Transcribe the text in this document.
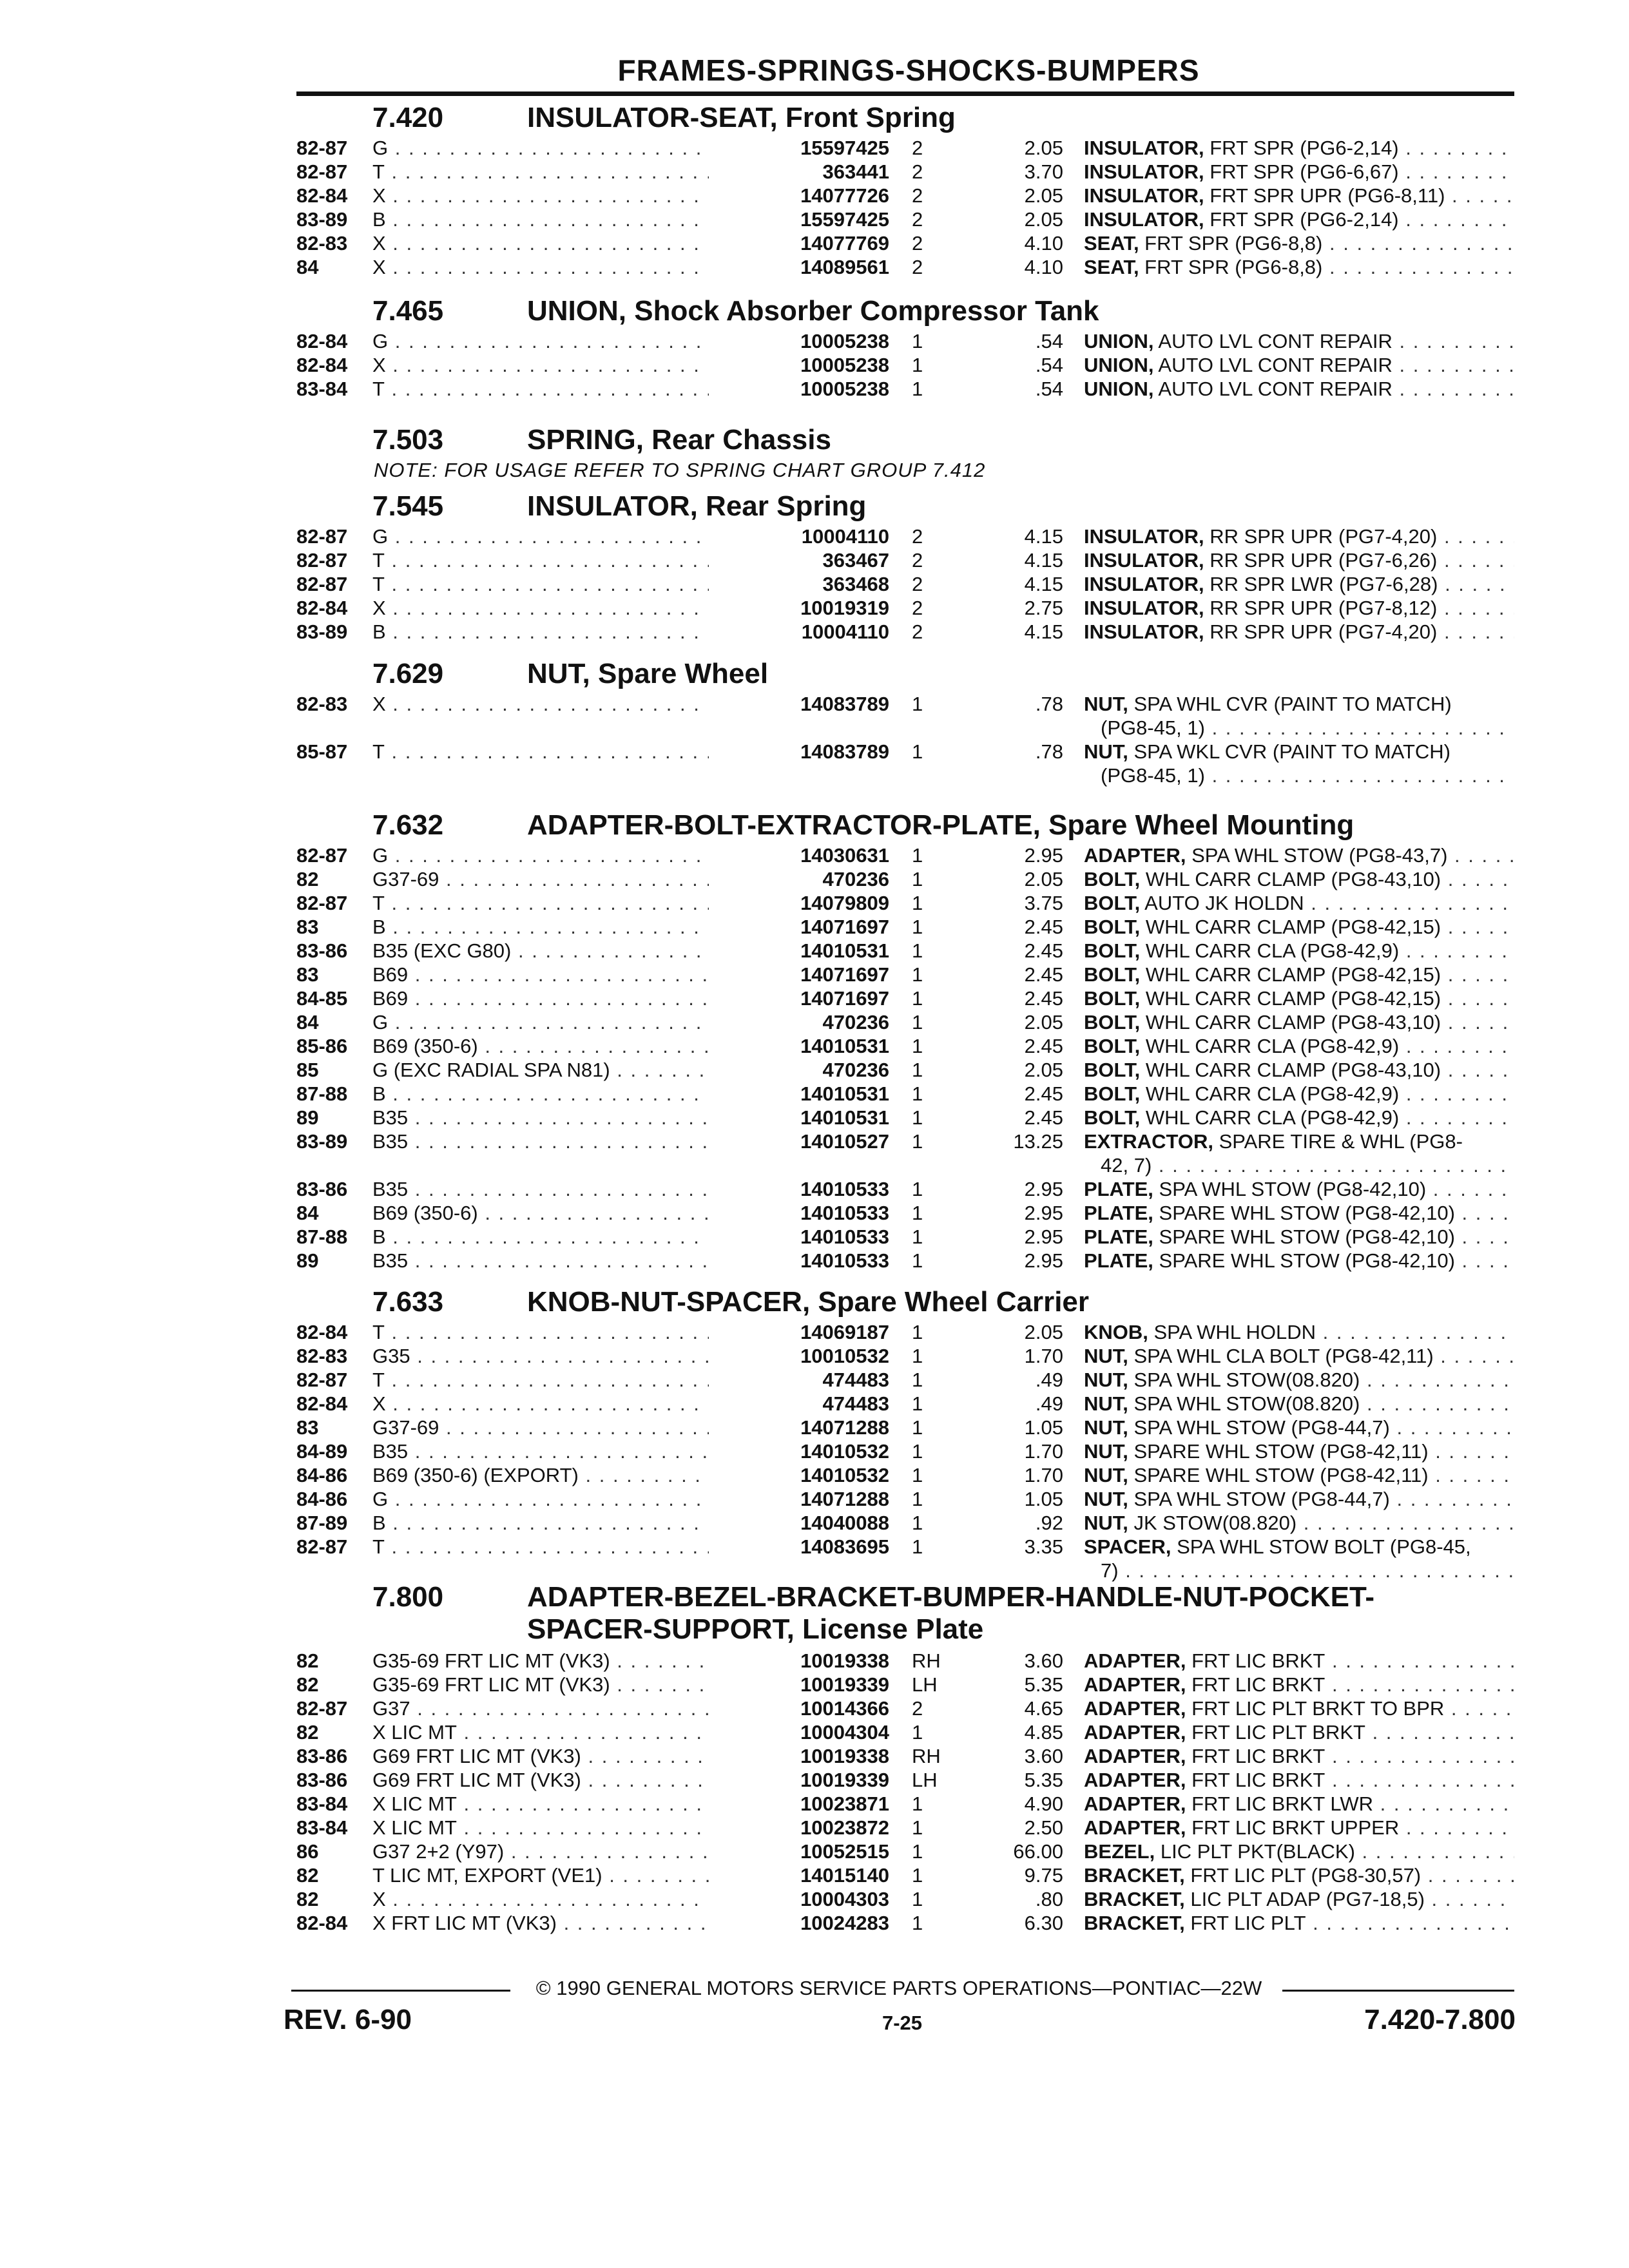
FRAMES-SPRINGS-SHOCKS-BUMPERS
7.420	INSULATOR-SEAT, Front Spring
82-87 G . . .	15597425 2	2.05 INSULATOR, FRT SPR (PG6-2,14) . . .
82-87 T . . .	363441 2	3.70 INSULATOR, FRT SPR (PG6-6,67) . . .
82-84 X . . .	14077726 2	2.05 INSULATOR, FRT SPR UPR (PG6-8,11) . . .
83-89 B . . .	15597425 2	2.05 INSULATOR, FRT SPR (PG6-2,14) . . .
82-83 X . . .	14077769 2	4.10 SEAT, FRT SPR (PG6-8,8) . . .
84	X . . .	14089561 2	4.10 SEAT, FRT SPR (PG6-8,8) . . .
7.465	UNION, Shock Absorber Compressor Tank
82-84 G . . .	10005238 1	.54 UNION, AUTO LVL CONT REPAIR . . .
82-84 X . . .	10005238 1	.54 UNION, AUTO LVL CONT REPAIR . . .
83-84 T . . .	10005238 1	.54 UNION, AUTO LVL CONT REPAIR . . .
7.503	SPRING, Rear Chassis
NOTE: FOR USAGE REFER TO SPRING CHART GROUP 7.412
7.545	INSULATOR, Rear Spring
82-87 G . . .	10004110 2	4.15 INSULATOR, RR SPR UPR (PG7-4,20) . . .
82-87 T . . .	363467 2	4.15 INSULATOR, RR SPR UPR (PG7-6,26) . . .
82-87 T . . .	363468 2	4.15 INSULATOR, RR SPR LWR (PG7-6,28) . . .
82-84 X . . .	10019319 2	2.75 INSULATOR, RR SPR UPR (PG7-8,12) . . .
83-89 B . . .	10004110 2	4.15 INSULATOR, RR SPR UPR (PG7-4,20) . . .
7.629	NUT, Spare Wheel
82-83 X . . .	14083789 1	.78 NUT, SPA WHL CVR (PAINT TO MATCH)
(PG8-45, 1) . . .
85-87 T . . .	14083789 1	.78 NUT, SPA WKL CVR (PAINT TO MATCH)
(PG8-45, 1) . . .
7.632	ADAPTER-BOLT-EXTRACTOR-PLATE, Spare Wheel Mounting
82-87 G . . .	14030631 1	2.95 ADAPTER, SPA WHL STOW (PG8-43,7) . . .
82	G37-69 . . .	470236 1	2.05 BOLT, WHL CARR CLAMP (PG8-43,10) . . .
82-87 T . . .	14079809 1	3.75 BOLT, AUTO JK HOLDN . . .
83	B . . .	14071697 1	2.45 BOLT, WHL CARR CLAMP (PG8-42,15) . . .
83-86 B35 (EXC G80) . . .	14010531 1	2.45 BOLT, WHL CARR CLA (PG8-42,9) . . .
83	B69 . . .	14071697 1	2.45 BOLT, WHL CARR CLAMP (PG8-42,15) . . .
84-85 B69 . . .	14071697 1	2.45 BOLT, WHL CARR CLAMP (PG8-42,15) . . .
84	G . . .	470236 1	2.05 BOLT, WHL CARR CLAMP (PG8-43,10) . . .
85-86 B69 (350-6) . . .	14010531 1	2.45 BOLT, WHL CARR CLA (PG8-42,9) . . .
85	G (EXC RADIAL SPA N81) . . .	470236 1	2.05 BOLT, WHL CARR CLAMP (PG8-43,10) . . .
87-88 B . . .	14010531 1	2.45 BOLT, WHL CARR CLA (PG8-42,9) . . .
89	B35 . . .	14010531 1	2.45 BOLT, WHL CARR CLA (PG8-42,9) . . .
83-89 B35 . . .	14010527 1	13.25 EXTRACTOR, SPARE TIRE & WHL (PG8-
42, 7) . . .
83-86 B35 . . .	14010533 1	2.95 PLATE, SPA WHL STOW (PG8-42,10) . . .
84	B69 (350-6) . . .	14010533 1	2.95 PLATE, SPARE WHL STOW (PG8-42,10) . . .
87-88 B . . .	14010533 1	2.95 PLATE, SPARE WHL STOW (PG8-42,10) . . .
89	B35 . . .	14010533 1	2.95 PLATE, SPARE WHL STOW (PG8-42,10) . . .
7.633	KNOB-NUT-SPACER, Spare Wheel Carrier
82-84 T . . .	14069187 1	2.05 KNOB, SPA WHL HOLDN . . .
82-83 G35 . . .	10010532 1	1.70 NUT, SPA WHL CLA BOLT (PG8-42,11) . . .
82-87 T . . .	474483 1	.49 NUT, SPA WHL STOW(08.820) . . .
82-84 X . . .	474483 1	.49 NUT, SPA WHL STOW(08.820) . . .
83	G37-69 . . .	14071288 1	1.05 NUT, SPA WHL STOW (PG8-44,7) . . .
84-89 B35 . . .	14010532 1	1.70 NUT, SPARE WHL STOW (PG8-42,11) . . .
84-86 B69 (350-6) (EXPORT) . . .	14010532 1	1.70 NUT, SPARE WHL STOW (PG8-42,11) . . .
84-86 G . . .	14071288 1	1.05 NUT, SPA WHL STOW (PG8-44,7) . . .
87-89 B . . .	14040088 1	.92 NUT, JK STOW(08.820) . . .
82-87 T . . .	14083695 1	3.35 SPACER, SPA WHL STOW BOLT (PG8-45,
7) . . .
7.800	ADAPTER-BEZEL-BRACKET-BUMPER-HANDLE-NUT-POCKET-SPACER-SUPPORT, License Plate
82	G35-69 FRT LIC MT (VK3) . . .	10019338 RH	3.60 ADAPTER, FRT LIC BRKT . . .
82	G35-69 FRT LIC MT (VK3) . . .	10019339 LH	5.35 ADAPTER, FRT LIC BRKT . . .
82-87 G37 . . .	10014366 2	4.65 ADAPTER, FRT LIC PLT BRKT TO BPR . . .
82	X LIC MT . . .	10004304 1	4.85 ADAPTER, FRT LIC PLT BRKT . . .
83-86 G69 FRT LIC MT (VK3) . . .	10019338 RH	3.60 ADAPTER, FRT LIC BRKT . . .
83-86 G69 FRT LIC MT (VK3) . . .	10019339 LH	5.35 ADAPTER, FRT LIC BRKT . . .
83-84 X LIC MT . . .	10023871 1	4.90 ADAPTER, FRT LIC BRKT LWR . . .
83-84 X LIC MT . . .	10023872 1	2.50 ADAPTER, FRT LIC BRKT UPPER . . .
86	G37 2+2 (Y97) . . .	10052515 1	66.00 BEZEL, LIC PLT PKT(BLACK) . . .
82	T LIC MT, EXPORT (VE1) . . .	14015140 1	9.75 BRACKET, FRT LIC PLT (PG8-30,57) . . .
82	X . . .	10004303 1	.80 BRACKET, LIC PLT ADAP (PG7-18,5) . . .
82-84 X FRT LIC MT (VK3) . . .	10024283 1	6.30 BRACKET, FRT LIC PLT . . .
© 1990 GENERAL MOTORS SERVICE PARTS OPERATIONS—PONTIAC—22W
REV. 6-90	7-25	7.420-7.800
